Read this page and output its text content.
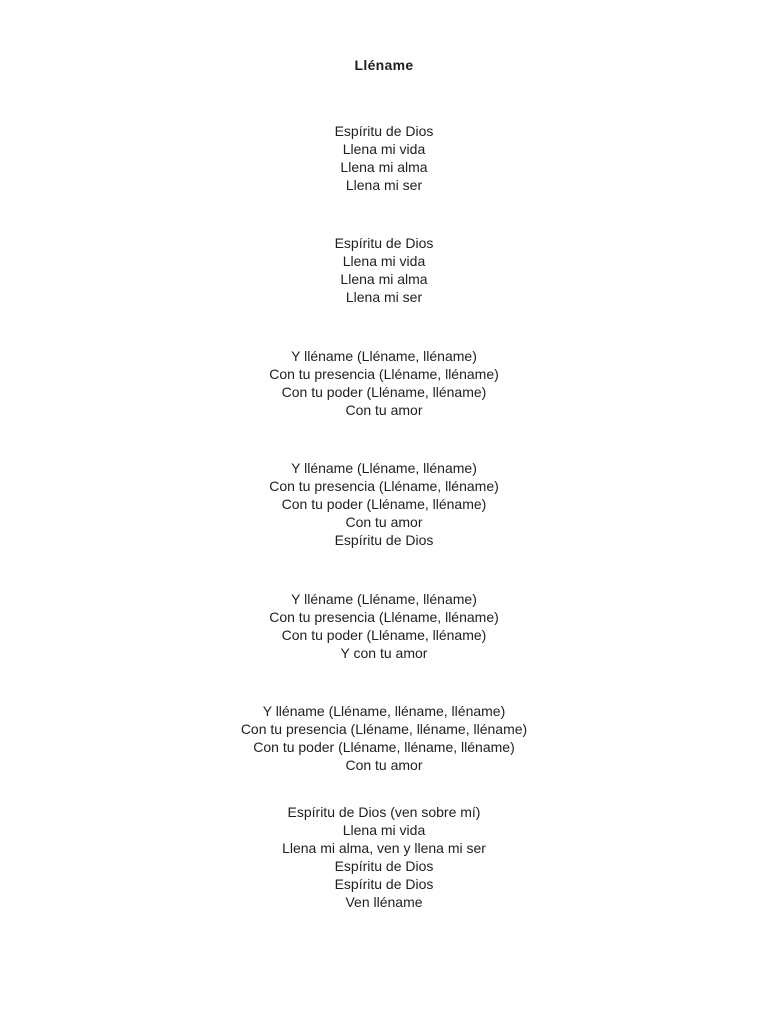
Lléname
Espíritu de Dios
Llena mi vida
Llena mi alma
Llena mi ser
Espíritu de Dios
Llena mi vida
Llena mi alma
Llena mi ser
Y lléname (Lléname, lléname)
Con tu presencia (Lléname, lléname)
Con tu poder (Lléname, lléname)
Con tu amor
Y lléname (Lléname, lléname)
Con tu presencia (Lléname, lléname)
Con tu poder (Lléname, lléname)
Con tu amor
Espíritu de Dios
Y lléname (Lléname, lléname)
Con tu presencia (Lléname, lléname)
Con tu poder (Lléname, lléname)
Y con tu amor
Y lléname (Lléname, lléname, lléname)
Con tu presencia (Lléname, lléname, lléname)
Con tu poder (Lléname, lléname, lléname)
Con tu amor
Espíritu de Dios (ven sobre mí)
Llena mi vida
Llena mi alma, ven y llena mi ser
Espíritu de Dios
Espíritu de Dios
Ven lléname
